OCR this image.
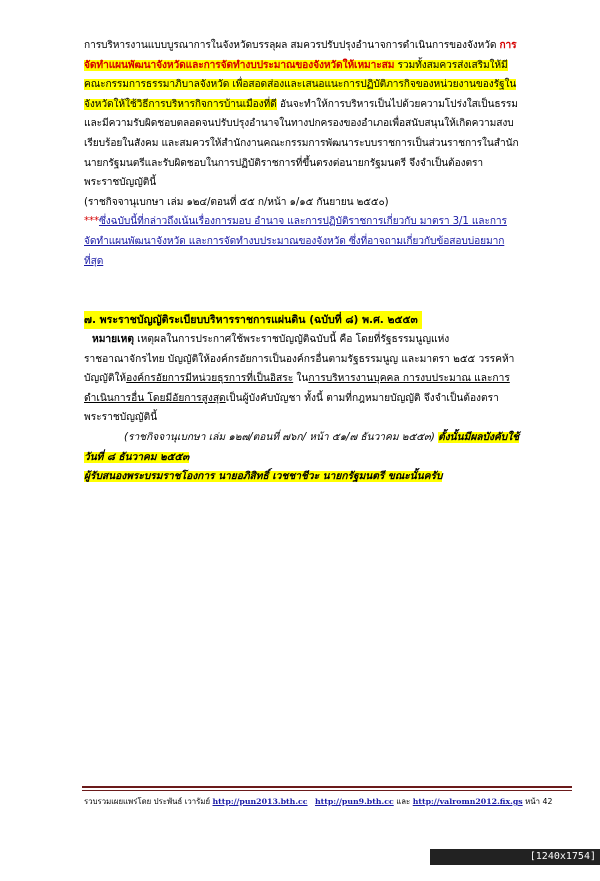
การบริหารงานแบบบูรณาการในจังหวัดบรรลุผล สมควรปรับปรุงอำนาจการดำเนินการของจังหวัด การ
จัดทำแผนพัฒนาจังหวัดและการจัดทำงบประมาณของจังหวัดให้เหมาะสม รวมทั้งสมควรส่งเสริมให้มี
คณะกรรมการธรรมาภิบาลจังหวัด เพื่อสอดส่องและเสนอแนะการปฏิบัติภารกิจของหน่วยงานของรัฐใน
จังหวัดให้ใช้วิธีการบริหารกิจการบ้านเมืองที่ดี อันจะทำให้การบริหารเป็นไปด้วยความโปร่งใสเป็นธรรม
และมีความรับผิดชอบตลอดจนปรับปรุงอำนาจในทางปกครองของอำเภอเพื่อสนับสนุนให้เกิดความสงบ
เรียบร้อยในสังคม และสมควรให้สำนักงานคณะกรรมการพัฒนาระบบราชการเป็นส่วนราชการในสำนัก
นายกรัฐมนตรีและรับผิดชอบในการปฏิบัติราชการที่ขึ้นตรงต่อนายกรัฐมนตรี จึงจำเป็นต้องตรา
พระราชบัญญัตินี้
(ราชกิจจานุเบกษา เล่ม ๑๒๔/ตอนที่ ๕๕ ก/หน้า ๑/๑๕ กันยายน ๒๕๕๐)
***ซึ่งฉบับนี้ที่กล่าวถึงเน้นเรื่องการมอบ อำนาจ และการปฏิบัติราชการเกี่ยวกับ มาตรา 3/1 และการ
จัดทำแผนพัฒนาจังหวัด และการจัดทำงบประมาณของจังหวัด ซึ่งที่อาจถามเกี่ยวกับข้อสอบบ่อยมาก
ที่สุด
๗. พระราชบัญญัติระเบียบบริหารราชการแผ่นดิน (ฉบับที่ ๘) พ.ศ. ๒๕๕๓
หมายเหตุ เหตุผลในการประกาศใช้พระราชบัญญัติฉบับนี้ คือ โดยที่รัฐธรรมนูญแห่ง
ราชอาณาจักรไทย บัญญัติให้องค์กรอัยการเป็นองค์กรอื่นตามรัฐธรรมนูญ และมาตรา ๒๕๕ วรรคห้า
บัญญัติให้องค์กรอัยการมีหน่วยธุรการที่เป็นอิสระ ในการบริหารงานบุคคล การงบประมาณ และการ
ดำเนินการอื่น โดยมีอัยการสูงสุดเป็นผู้บังคับบัญชา ทั้งนี้ ตามที่กฎหมายบัญญัติ จึงจำเป็นต้องตรา
พระราชบัญญัตินี้
(ราชกิจจานุเบกษา เล่ม ๑๒๗/ตอนที่ ๗๖ก/ หน้า ๕๑/๗ ธันวาคม ๒๕๕๓) ตั้งนั้นมีผลบังคับใช้
วันที่ ๘ ธันวาคม ๒๕๕๓
ผู้รับสนองพระบรมราชโองการ นายอภิสิทธิ์ เวชชาชีวะ นายกรัฐมนตรี ขณะนั้นครับ
รวบรวมเผยแพร่โดย ประพันธ์ เวารัมย์ http://pun2013.bth.cc http://pun9.bth.cc และ http://valromn2012.fix.gs หน้า 42
[1240x1754] https://upic.me/
